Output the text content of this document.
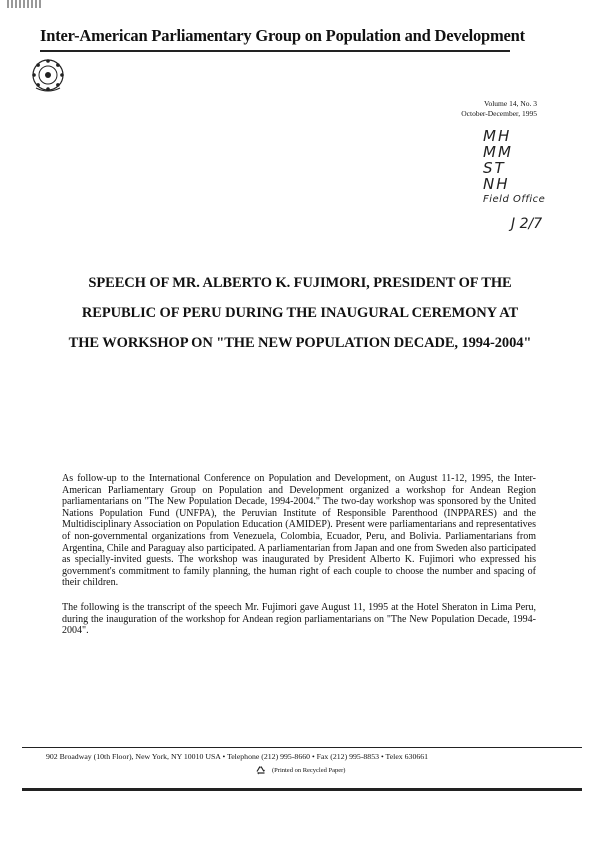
Inter-American Parliamentary Group on Population and Development
Volume 14, No. 3
October-December, 1995
MH
MM
ST
NH
Field Office
J 2/7
SPEECH OF MR. ALBERTO K. FUJIMORI, PRESIDENT OF THE
REPUBLIC OF PERU DURING THE INAUGURAL CEREMONY AT
THE WORKSHOP ON "THE NEW POPULATION DECADE, 1994-2004"

As follow-up to the International Conference on Population and Development, on August 11-12, 1995, the Inter-American Parliamentary Group on Population and Development organized a workshop for Andean Region parliamentarians on "The New Population Decade, 1994-2004." The two-day workshop was sponsored by the United Nations Population Fund (UNFPA), the Peruvian Institute of Responsible Parenthood (INPPARES) and the Multidisciplinary Association on Population Education (AMIDEP). Present were parliamentarians and representatives of non-governmental organizations from Venezuela, Colombia, Ecuador, Peru, and Bolivia. Parliamentarians from Argentina, Chile and Paraguay also participated. A parliamentarian from Japan and one from Sweden also participated as specially-invited guests. The workshop was inaugurated by President Alberto K. Fujimori who expressed his government's commitment to family planning, the human right of each couple to choose the number and spacing of their children.

The following is the transcript of the speech Mr. Fujimori gave August 11, 1995 at the Hotel Sheraton in Lima Peru, during the inauguration of the workshop for Andean region parliamentarians on "The New Population Decade, 1994-2004".

902 Broadway (10th Floor), New York, NY 10010 USA • Telephone (212) 995-8660 • Fax (212) 995-8853 • Telex 630661
(Printed on Recycled Paper)
